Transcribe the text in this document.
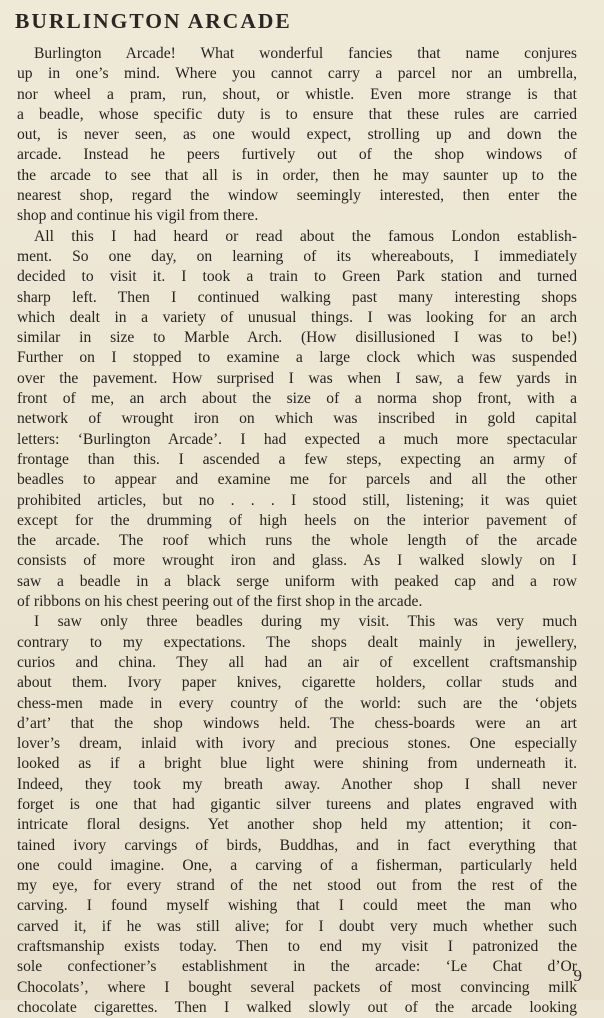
BURLINGTON ARCADE
Burlington Arcade! What wonderful fancies that name conjures
up in one’s mind. Where you cannot carry a parcel nor an umbrella,
nor wheel a pram, run, shout, or whistle. Even more strange is that
a beadle, whose specific duty is to ensure that these rules are carried
out, is never seen, as one would expect, strolling up and down the
arcade. Instead he peers furtively out of the shop windows of
the arcade to see that all is in order, then he may saunter up to the
nearest shop, regard the window seemingly interested, then enter the
shop and continue his vigil from there.
All this I had heard or read about the famous London establish-
ment. So one day, on learning of its whereabouts, I immediately
decided to visit it. I took a train to Green Park station and turned
sharp left. Then I continued walking past many interesting shops
which dealt in a variety of unusual things. I was looking for an arch
similar in size to Marble Arch. (How disillusioned I was to be!)
Further on I stopped to examine a large clock which was suspended
over the pavement. How surprised I was when I saw, a few yards in
front of me, an arch about the size of a norma shop front, with a
network of wrought iron on which was inscribed in gold capital
letters: ‘Burlington Arcade’. I had expected a much more spectacular
frontage than this. I ascended a few steps, expecting an army of
beadles to appear and examine me for parcels and all the other
prohibited articles, but no . . . I stood still, listening; it was quiet
except for the drumming of high heels on the interior pavement of
the arcade. The roof which runs the whole length of the arcade
consists of more wrought iron and glass. As I walked slowly on I
saw a beadle in a black serge uniform with peaked cap and a row
of ribbons on his chest peering out of the first shop in the arcade.
I saw only three beadles during my visit. This was very much
contrary to my expectations. The shops dealt mainly in jewellery,
curios and china. They all had an air of excellent craftsmanship
about them. Ivory paper knives, cigarette holders, collar studs and
chess-men made in every country of the world: such are the ‘objets
d’art’ that the shop windows held. The chess-boards were an art
lover’s dream, inlaid with ivory and precious stones. One especially
looked as if a bright blue light were shining from underneath it.
Indeed, they took my breath away. Another shop I shall never
forget is one that had gigantic silver tureens and plates engraved with
intricate floral designs. Yet another shop held my attention; it con-
tained ivory carvings of birds, Buddhas, and in fact everything that
one could imagine. One, a carving of a fisherman, particularly held
my eye, for every strand of the net stood out from the rest of the
carving. I found myself wishing that I could meet the man who
carved it, if he was still alive; for I doubt very much whether such
craftsmanship exists today. Then to end my visit I patronized the
sole confectioner’s establishment in the arcade: ‘Le Chat d’Or
Chocolats’, where I bought several packets of most convincing milk
chocolate cigarettes. Then I walked slowly out of the arcade looking
9
